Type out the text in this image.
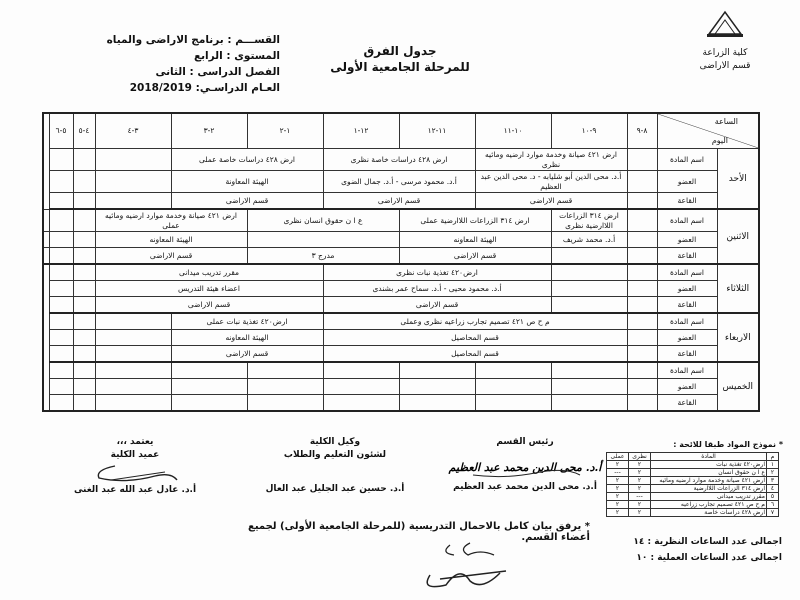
كلية الزراعة
قسم الاراضى
جدول الفرق
للمرحلة الجامعية الأولى
القســـم : برنامج الاراضى والمياه
المستوى : الرابع
الفصل الدراسى : الثانى
العـام الدراسـي: 2018/2019
الساعة
اليوم		٨-٩	٩-١٠	١٠-١١	١١-١٢	١٢-١	١-٢	٢-٣	٣-٤	٤-٥	٥-٦	
الأحد	اسم المادة		ارض ٤٢١ صيانة وخدمة موارد ارضيه ومائيه نظرى		ارض ٤٢٨ دراسات خاصة نظرى		ارض ٤٢٨ دراسات خاصة عملى					
	العضو		أ.د. محى الدين أبو شليابه - د. محى الدين عبد العظيم		أ.د. محمود مرسى - أ.د. جمال الضوى		الهيئة المعاونة					
	القاعة		قسم الاراضى		قسم الاراضى		قسم الاراضى					
الاثنين	اسم المادة		ارض ٣١٤ الزراعات اللاارضية نظرى	ارض ٣١٤ الزراعات اللاارضية عملى		ع ا ن حقوق انسان نظرى		ارض ٤٢١ صيانة وخدمة موارد ارضيه ومائيه عملى				
	العضو		أ.د. محمد شريف	الهيئة المعاونه				الهيئة المعاونه				
	القاعة			قسم الاراضى		مدرج ٣		قسم الاراضى				
الثلاثاء	اسم المادة			ارض٤٢٠ تغذية نبات نظرى			مقرر تدريب ميدانى					
	العضو			أ.د. محمود محيى - أ.د. سماح عمر بشندى			اعضاء هيئة التدريس					
	القاعة			قسم الاراضى			قسم الاراضى					
الاربعاء	اسم المادة		م ح ص ٤٢١ تصميم تجارب زراعيه نظرى وعملى				ارض٤٢٠ تغذية نبات عملى					
	العضو		قسم المحاصيل				الهيئة المعاونه					
	القاعة		قسم المحاصيل				قسم الاراضى					
الخميس	اسم المادة											
	العضو											
	القاعة											
رئيس القسم
أ.د. محى الدين محمد عبد العظيم
أ.د. محى الدين محمد عبد العظيم
وكيل الكلية
لشئون التعليم والطلاب
أ.د. حسين عبد الجليل عبد العال
يعتمد ،،،
عميد الكلية
أ.د. عادل عبد الله عبد الغنى
* يرفق بيان كامل بالاحمال التدريسية (للمرحلة الجامعية الأولى) لجميع أعضاء القسم.
* نموذج المواد طبقا للائحة :
م	المادة	نظرى	عملى
١	ارض٤٢٠ تغذية نبات	٢	٢
٢	ع ا ن حقوق انسان	٢	---
٣	ارض ٤٢١ صيانة وخدمة موارد ارضيه ومائيه	٢	٢
٤	ارض ٣١٤ الزراعات اللاارضية	٢	٢
٥	مقرر تدريب ميدانى	---	٢
٦	م ح ص ٤٢١ تصميم تجارب زراعيه	٢	٢
٧	ارض ٤٢٨ دراسات خاصة	٢	٢
اجمالى عدد الساعات النظرية : ١٤
اجمالى عدد الساعات العملية : ١٠
